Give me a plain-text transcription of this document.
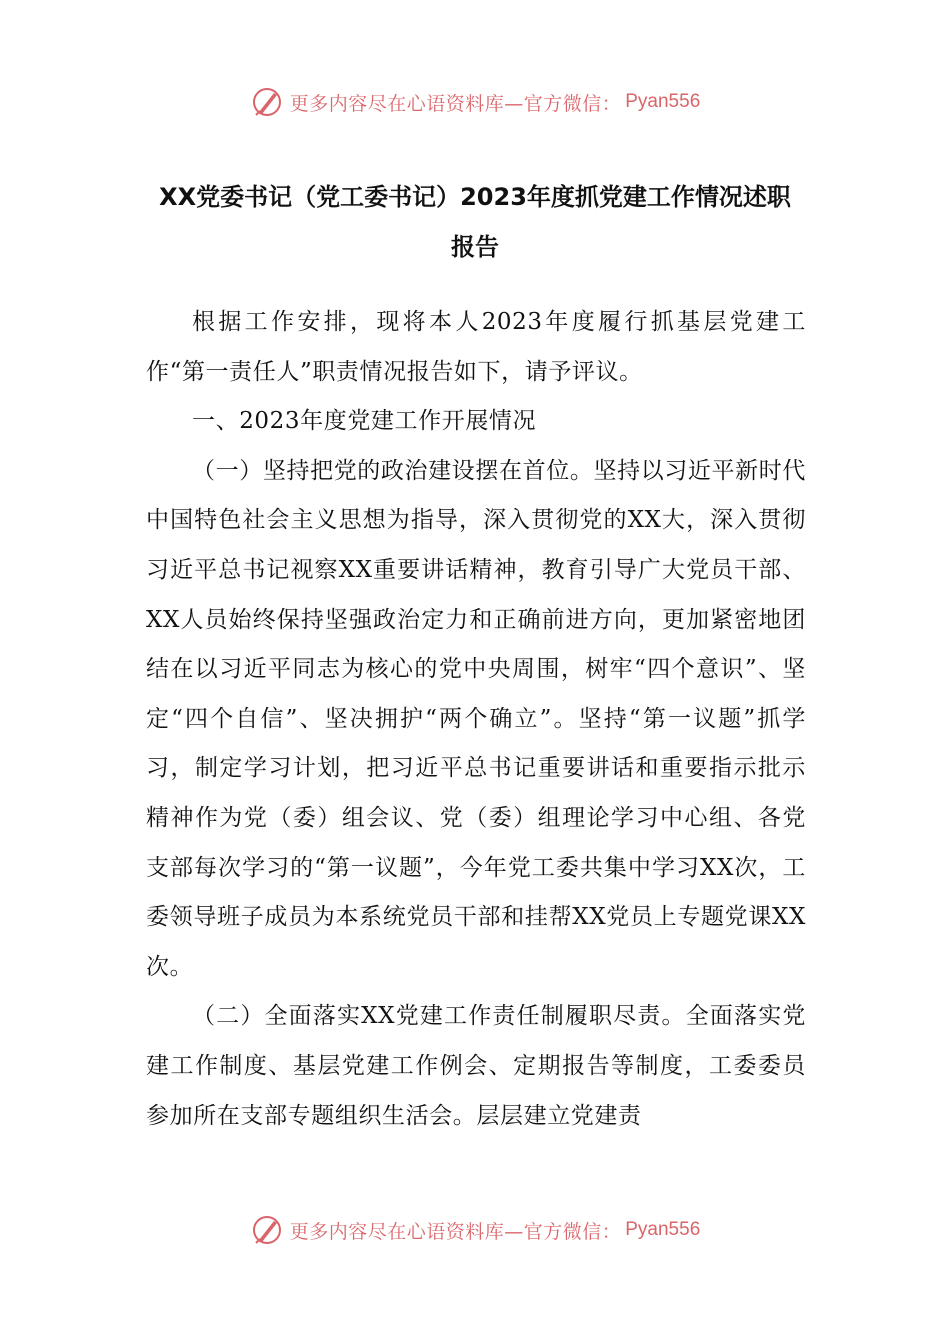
更多内容尽在心语资料库—官方微信： Pyan556
XX党委书记（党工委书记）2023年度抓党建工作情况述职
报告

根据工作安排，现将本人2023年度履行抓基层党建工作“第一责任人”职责情况报告如下，请予评议。

一、2023年度党建工作开展情况

（一）坚持把党的政治建设摆在首位。坚持以习近平新时代中国特色社会主义思想为指导，深入贯彻党的XX大，深入贯彻习近平总书记视察XX重要讲话精神，教育引导广大党员干部、XX人员始终保持坚强政治定力和正确前进方向，更加紧密地团结在以习近平同志为核心的党中央周围，树牢“四个意识”、坚定“四个自信”、坚决拥护“两个确立”。坚持“第一议题”抓学习，制定学习计划，把习近平总书记重要讲话和重要指示批示精神作为党（委）组会议、党（委）组理论学习中心组、各党支部每次学习的“第一议题”，今年党工委共集中学习XX次，工委领导班子成员为本系统党员干部和挂帮XX党员上专题党课XX次。

（二）全面落实XX党建工作责任制履职尽责。全面落实党建工作制度、基层党建工作例会、定期报告等制度，工委委员参加所在支部专题组织生活会。层层建立党建责

更多内容尽在心语资料库—官方微信： Pyan556
